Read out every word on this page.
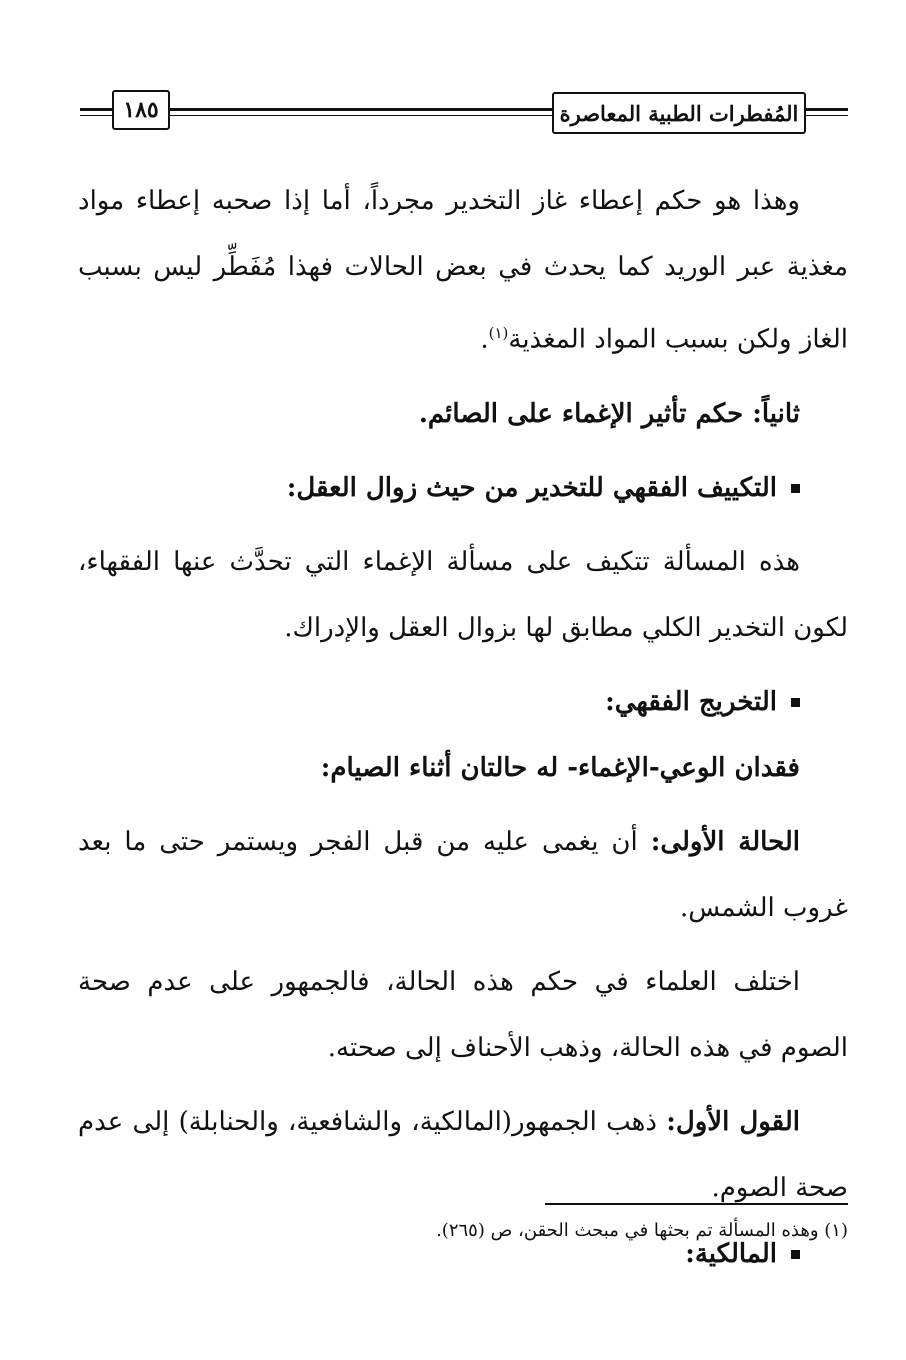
١٨٥	المُفطرات الطبية المعاصرة

وهذا هو حكم إعطاء غاز التخدير مجرداً، أما إذا صحبه إعطاء مواد مغذية عبر الوريد كما يحدث في بعض الحالات فهذا مُفَطِّر ليس بسبب الغاز ولكن بسبب المواد المغذية$^{(١)}$.

ثانياً: حكم تأثير الإغماء على الصائم.

التكييف الفقهي للتخدير من حيث زوال العقل:

هذه المسألة تتكيف على مسألة الإغماء التي تحدَّث عنها الفقهاء، لكون التخدير الكلي مطابق لها بزوال العقل والإدراك.

التخريج الفقهي:

فقدان الوعي-الإغماء- له حالتان أثناء الصيام:

الحالة الأولى: أن يغمى عليه من قبل الفجر ويستمر حتى ما بعد غروب الشمس.

اختلف العلماء في حكم هذه الحالة، فالجمهور على عدم صحة الصوم في هذه الحالة، وذهب الأحناف إلى صحته.

القول الأول: ذهب الجمهور(المالكية، والشافعية، والحنابلة) إلى عدم صحة الصوم.

المالكية:

(١) وهذه المسألة تم بحثها في مبحث الحقن، ص (٢٦٥).
